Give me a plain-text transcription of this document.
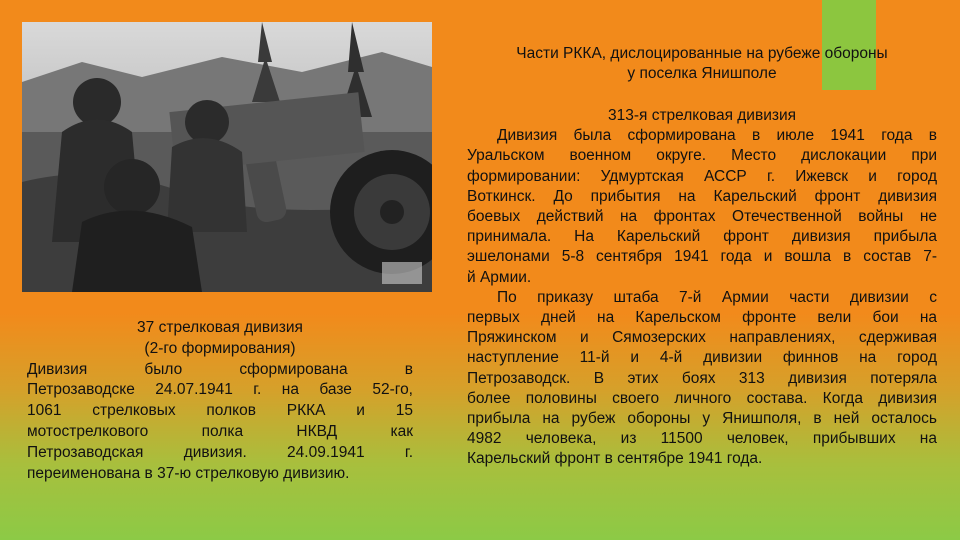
37 стрелковая дивизия
(2-го формирования)
Дивизия было сформирована в
Петрозаводске 24.07.1941 г. на базе 52-го,
1061 стрелковых полков РККА и 15
мотострелкового полка НКВД как
Петрозаводская дивизия. 24.09.1941 г.
переименована в 37-ю стрелковую дивизию.
Части РККА, дислоцированные на рубеже обороны
у поселка Янишполе
313-я стрелковая дивизия
Дивизия была сформирована в июле 1941 года в
Уральском военном округе. Место дислокации при
формировании: Удмуртская АССР г. Ижевск и город
Воткинск. До прибытия на Карельский фронт дивизия
боевых действий на фронтах Отечественной войны не
принимала. На Карельский фронт дивизия прибыла
эшелонами 5-8 сентября 1941 года и вошла в состав 7-
й Армии.
По приказу штаба 7-й Армии части дивизии с
первых дней на Карельском фронте вели бои на
Пряжинском и Сямозерских направлениях, сдерживая
наступление 11-й и 4-й дивизии финнов на город
Петрозаводск. В этих боях 313 дивизия потеряла
более половины своего личного состава. Когда дивизия
прибыла на рубеж обороны у Янишполя, в ней осталось
4982 человека, из 11500 человек, прибывших на
Карельский фронт в сентябре 1941 года.
